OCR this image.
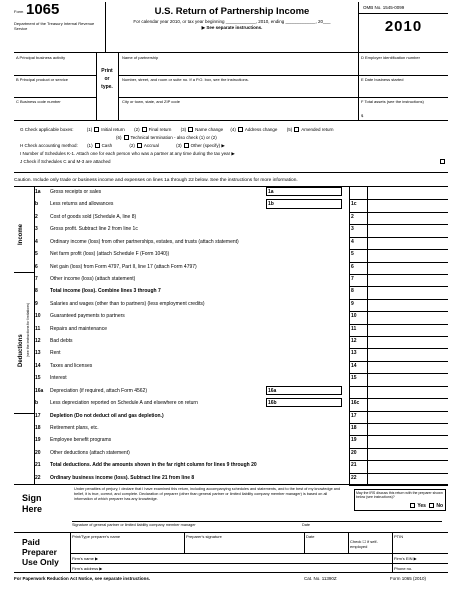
Form 1065
Department of the Treasury Internal Revenue Service
U.S. Return of Partnership Income
For calendar year 2010, or tax year beginning ____________, 2010, ending ____________, 20___
▶ See separate instructions.
OMB No. 1545-0099
2010
A Principal business activity
B Principal product or service
C Business code number
Print
or
type.
Name of partnership
Number, street, and room or suite no. If a P.O. box, see the instructions.
City or town, state, and ZIP code
D Employer identification number
E Date business started
F Total assets (see the instructions)
$
G Check applicable boxes:	(1) Initial return (2) Final return (3) Name change (4) Address change (5) Amended return
(6) Technical termination - also check (1) or (2)
H Check accounting method: (1) Cash	(2) Accrual	(3) Other (specify) ▶
I Number of Schedules K-1. Attach one for each person who was a partner at any time during the tax year ▶
J Check if Schedules C and M-3 are attached
Caution. Include only trade or business income and expenses on lines 1a through 22 below. See the instructions for more information.
Income
Deductions (see the instructions for limitations)
1a Gross receipts or sales	1a
b Less returns and allowances	1b	1c
2 Cost of goods sold (Schedule A, line 8)	2
3 Gross profit. Subtract line 2 from line 1c	3
4 Ordinary income (loss) from other partnerships, estates, and trusts (attach statement)	4
5 Net farm profit (loss) (attach Schedule F (Form 1040))	5
6 Net gain (loss) from Form 4797, Part II, line 17 (attach Form 4797)	6
7 Other income (loss) (attach statement)	7
8 Total income (loss). Combine lines 3 through 7	8
9 Salaries and wages (other than to partners) (less employment credits)	9
10 Guaranteed payments to partners	10
11 Repairs and maintenance	11
12 Bad debts	12
13 Rent	13
14 Taxes and licenses	14
15 Interest	15
16a Depreciation (if required, attach Form 4562)	16a
b Less depreciation reported on Schedule A and elsewhere on return	16b	16c
17 Depletion (Do not deduct oil and gas depletion.)	17
18 Retirement plans, etc.	18
19 Employee benefit programs	19
20 Other deductions (attach statement)	20
21 Total deductions. Add the amounts shown in the far right column for lines 9 through 20	21
22 Ordinary business income (loss). Subtract line 21 from line 8	22
Sign Here
Under penalties of perjury, I declare that I have examined this return, including accompanying schedules and statements, and to the best of my knowledge and belief, it is true, correct, and complete. Declaration of preparer (other than general partner or limited liability company member manager) is based on all information of which preparer has any knowledge.
May the IRS discuss this return with the preparer shown below (see instructions)?
Yes No
Signature of general partner or limited liability company member manager	Date
Paid Preparer Use Only
Print/Type preparer's name	Preparer's signature	Date
Check ☐ if self- employed
PTIN
Firm's name ▶	Firm's EIN ▶
Firm's address ▶	Phone no.
For Paperwork Reduction Act Notice, see separate instructions.	Cat. No. 11390Z	Form 1065 (2010)
